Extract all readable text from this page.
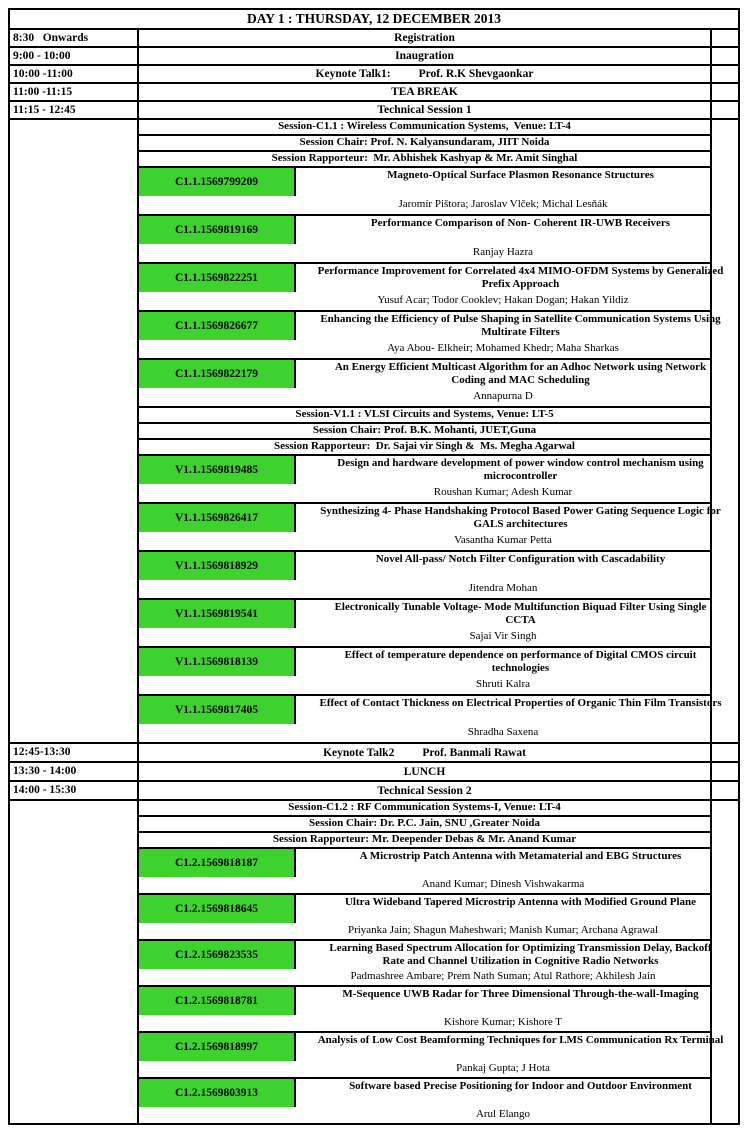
DAY 1 : THURSDAY, 12 DECEMBER 2013
8:30   Onwards	Registration
9:00 - 10:00	Inaugration
10:00 -11:00	Keynote Talk1: Prof. R.K Shevgaonkar
11:00 -11:15	TEA BREAK
11:15 - 12:45	Technical Session 1
Session-C1.1 : Wireless Communication Systems,  Venue: LT-4
Session Chair: Prof. N. Kalyansundaram, JIIT Noida
Session Rapporteur:  Mr. Abhishek Kashyap & Mr. Amit Singhal
C1.1.1569799209
Magneto-Optical Surface Plasmon Resonance Structures
Jaromír Pištora; Jaroslav Vlček; Michal Lesňák
C1.1.1569819169
Performance Comparison of Non- Coherent IR-UWB Receivers
Ranjay Hazra
C1.1.1569822251
Performance Improvement for Correlated 4x4 MIMO-OFDM Systems by Generalized
Prefix Approach
Yusuf Acar; Todor Cooklev; Hakan Dogan; Hakan Yildiz
C1.1.1569826677
Enhancing the Efficiency of Pulse Shaping in Satellite Communication Systems Using
Multirate Filters
Aya Abou- Elkheir; Mohamed Khedr; Maha Sharkas
C1.1.1569822179
An Energy Efficient Multicast Algorithm for an Adhoc Network using Network
Coding and MAC Scheduling
Annapurna D
Session-V1.1 : VLSI Circuits and Systems, Venue: LT-5
Session Chair: Prof. B.K. Mohanti, JUET,Guna
Session Rapporteur:  Dr. Sajai vir Singh &  Ms. Megha Agarwal
V1.1.1569819485
Design and hardware development of power window control mechanism using
microcontroller
Roushan Kumar; Adesh Kumar
V1.1.1569826417
Synthesizing 4- Phase Handshaking Protocol Based Power Gating Sequence Logic for
GALS architectures
Vasantha Kumar Petta
V1.1.1569818929
Novel All-pass/ Notch Filter Configuration with Cascadability
Jitendra Mohan
V1.1.1569819541
Electronically Tunable Voltage- Mode Multifunction Biquad Filter Using Single
CCTA
Sajai Vir Singh
V1.1.1569818139
Effect of temperature dependence on performance of Digital CMOS circuit
technologies
Shruti Kalra
V1.1.1569817405
Effect of Contact Thickness on Electrical Properties of Organic Thin Film Transistors
Shradha Saxena
12:45-13:30	Keynote Talk2 Prof. Banmali Rawat
13:30 - 14:00	LUNCH
14:00 - 15:30	Technical Session 2
Session-C1.2 : RF Communication Systems-I, Venue: LT-4
Session Chair: Dr. P.C. Jain, SNU ,Greater Noida
Session Rapporteur: Mr. Deepender Debas & Mr. Anand Kumar
C1.2.1569818187
A Microstrip Patch Antenna with Metamaterial and EBG Structures
Anand Kumar; Dinesh Vishwakarma
C1.2.1569818645
Ultra Wideband Tapered Microstrip Antenna with Modified Ground Plane
Priyanka Jain; Shagun Maheshwari; Manish Kumar; Archana Agrawal
C1.2.1569823535
Learning Based Spectrum Allocation for Optimizing Transmission Delay, Backoff
Rate and Channel Utilization in Cognitive Radio Networks
Padmashree Ambare; Prem Nath Suman; Atul Rathore; Akhilesh Jain
C1.2.1569818781
M-Sequence UWB Radar for Three Dimensional Through-the-wall-Imaging
Kishore Kumar; Kishore T
C1.2.1569818997
Analysis of Low Cost Beamforming Techniques for LMS Communication Rx Terminal
Pankaj Gupta; J Hota
C1.2.1569803913
Software based Precise Positioning for Indoor and Outdoor Environment
Arul Elango
